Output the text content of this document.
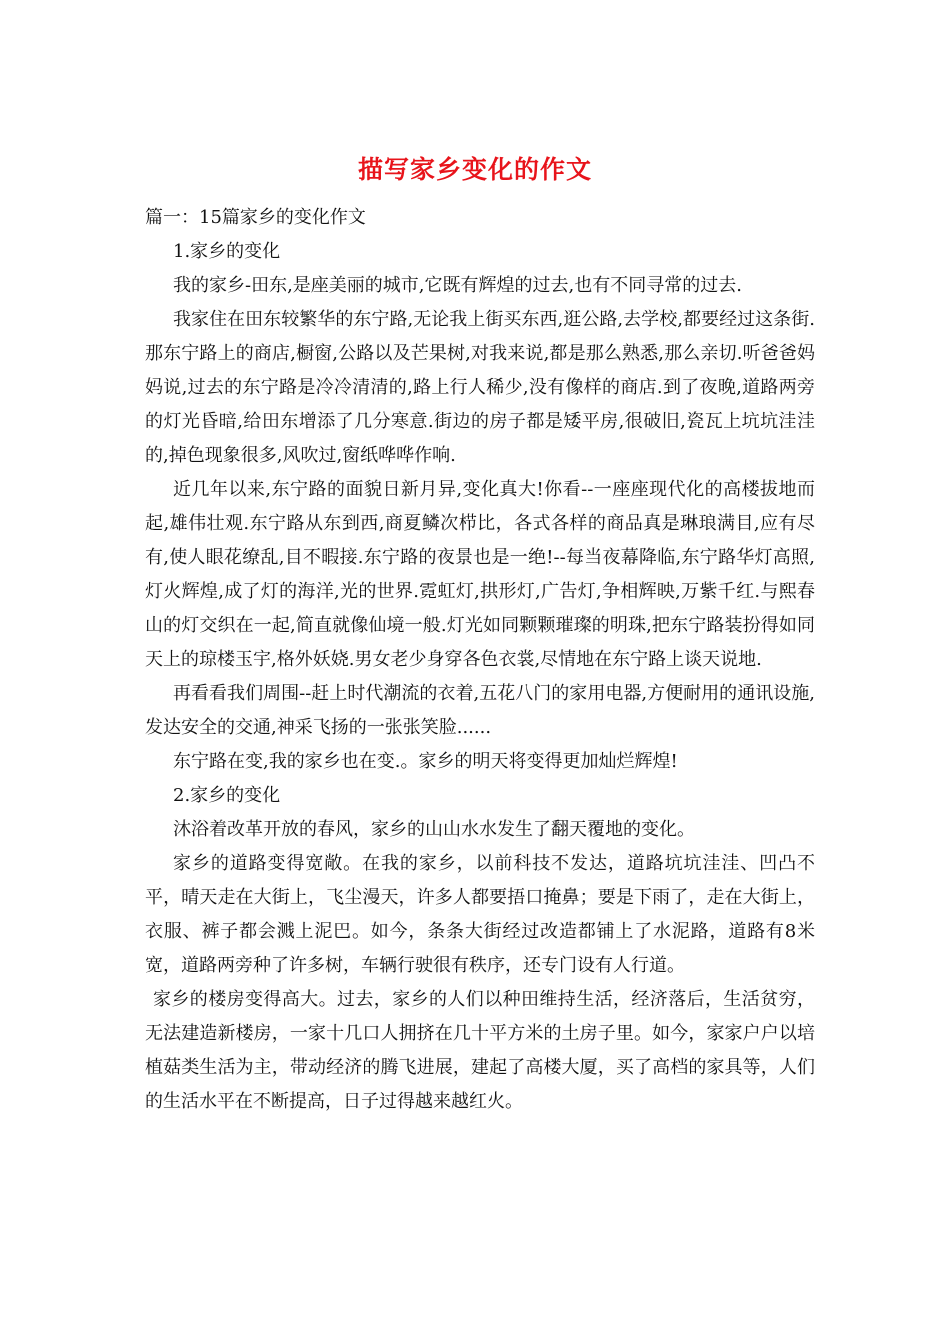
描写家乡变化的作文

篇一：15篇家乡的变化作文

1.家乡的变化

我的家乡-田东,是座美丽的城市,它既有辉煌的过去,也有不同寻常的过去.

我家住在田东较繁华的东宁路,无论我上街买东西,逛公路,去学校,都要经过这条街.那东宁路上的商店,橱窗,公路以及芒果树,对我来说,都是那么熟悉,那么亲切.听爸爸妈妈说,过去的东宁路是冷冷清清的,路上行人稀少,没有像样的商店.到了夜晚,道路两旁的灯光昏暗,给田东增添了几分寒意.街边的房子都是矮平房,很破旧,瓷瓦上坑坑洼洼的,掉色现象很多,风吹过,窗纸哗哗作响.

近几年以来,东宁路的面貌日新月异,变化真大!你看--一座座现代化的高楼拔地而起,雄伟壮观.东宁路从东到西,商夏鳞次栉比，各式各样的商品真是琳琅满目,应有尽有,使人眼花缭乱,目不暇接.东宁路的夜景也是一绝!--每当夜幕降临,东宁路华灯高照,灯火辉煌,成了灯的海洋,光的世界.霓虹灯,拱形灯,广告灯,争相辉映,万紫千红.与熙春山的灯交织在一起,简直就像仙境一般.灯光如同颗颗璀璨的明珠,把东宁路装扮得如同天上的琼楼玉宇,格外妖娆.男女老少身穿各色衣裳,尽情地在东宁路上谈天说地.

再看看我们周围--赶上时代潮流的衣着,五花八门的家用电器,方便耐用的通讯设施,发达安全的交通,神采飞扬的一张张笑脸......

东宁路在变,我的家乡也在变.。家乡的明天将变得更加灿烂辉煌!

2.家乡的变化

沐浴着改革开放的春风，家乡的山山水水发生了翻天覆地的变化。

家乡的道路变得宽敞。在我的家乡，以前科技不发达，道路坑坑洼洼、凹凸不平，晴天走在大街上，飞尘漫天，许多人都要捂口掩鼻；要是下雨了，走在大街上，衣服、裤子都会溅上泥巴。如今，条条大街经过改造都铺上了水泥路，道路有8米宽，道路两旁种了许多树，车辆行驶很有秩序，还专门设有人行道。

家乡的楼房变得高大。过去，家乡的人们以种田维持生活，经济落后，生活贫穷，无法建造新楼房，一家十几口人拥挤在几十平方米的土房子里。如今，家家户户以培植菇类生活为主，带动经济的腾飞进展，建起了高楼大厦，买了高档的家具等，人们的生活水平在不断提高，日子过得越来越红火。
